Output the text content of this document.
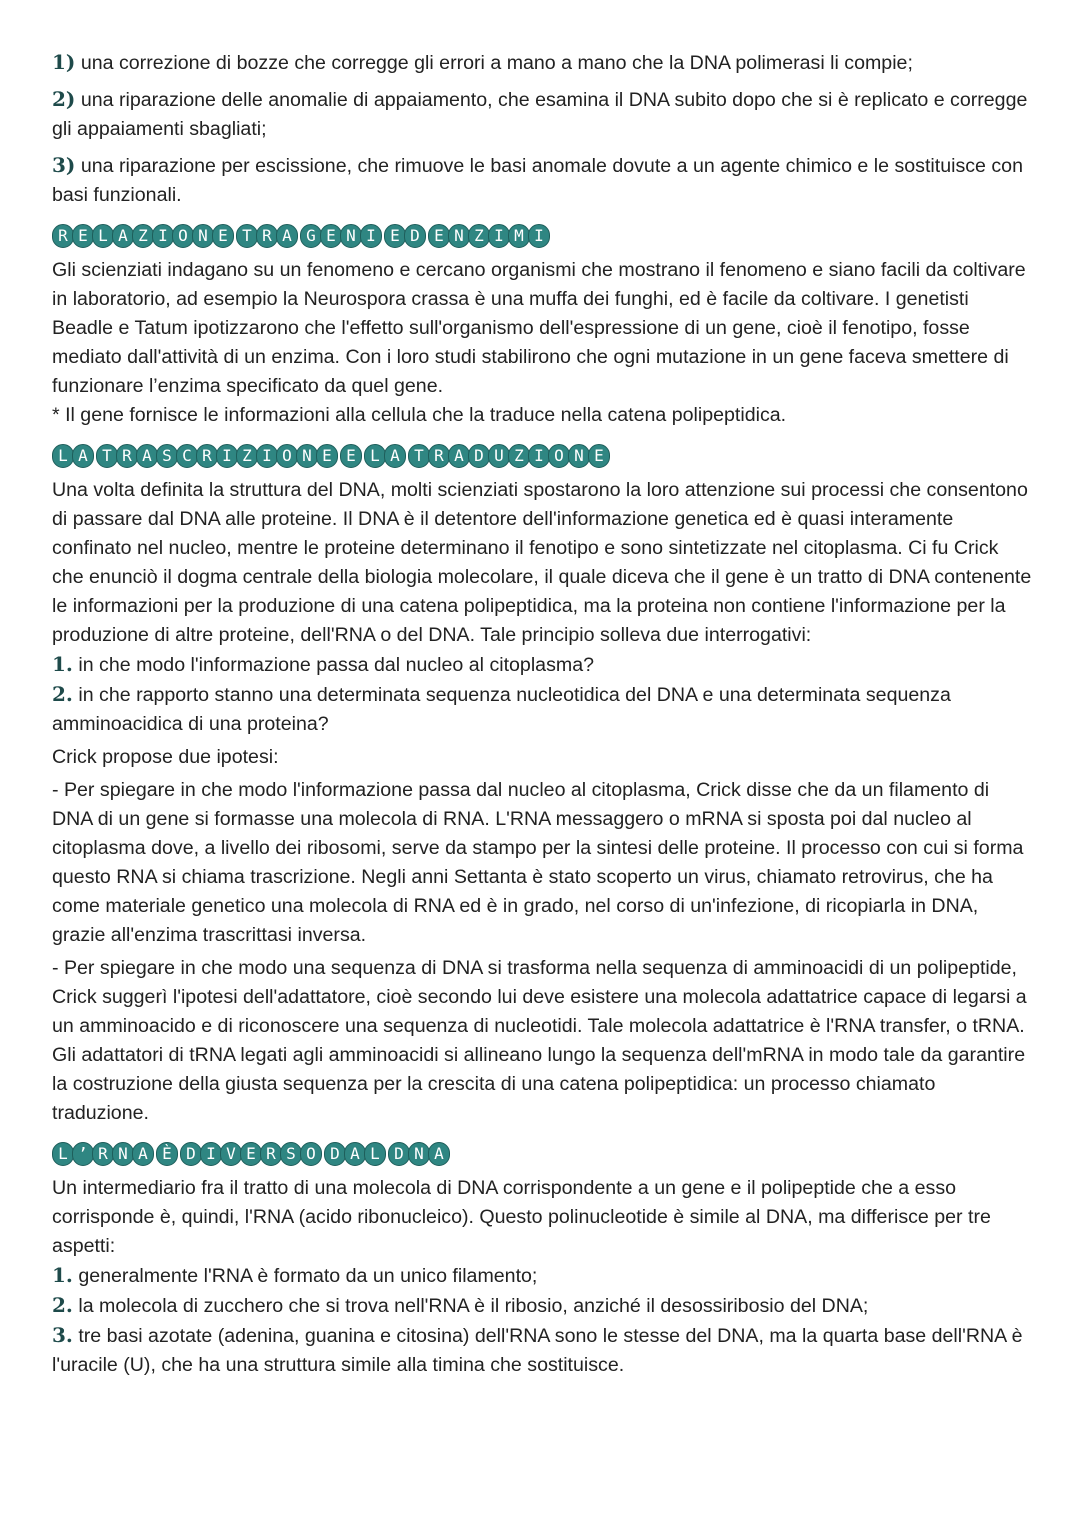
1) una correzione di bozze che corregge gli errori a mano a mano che la DNA polimerasi li compie;

2) una riparazione delle anomalie di appaiamento, che esamina il DNA subito dopo che si è replicato e corregge gli appaiamenti sbagliati;

3) una riparazione per escissione, che rimuove le basi anomale dovute a un agente chimico e le sostituisce con basi funzionali.

R E L A Z I O N E T R A G E N I E D E N Z I M I

Gli scienziati indagano su un fenomeno e cercano organismi che mostrano il fenomeno e siano facili da coltivare in laboratorio, ad esempio la Neurospora crassa è una muffa dei funghi, ed è facile da coltivare. I genetisti Beadle e Tatum ipotizzarono che l'effetto sull'organismo dell'espressione di un gene, cioè il fenotipo, fosse mediato dall'attività di un enzima. Con i loro studi stabilirono che ogni mutazione in un gene faceva smettere di funzionare l’enzima specificato da quel gene.

* Il gene fornisce le informazioni alla cellula che la traduce nella catena polipeptidica.

L A T R A S C R I Z I O N E E L A T R A D U Z I O N E

Una volta definita la struttura del DNA, molti scienziati spostarono la loro attenzione sui processi che consentono di passare dal DNA alle proteine. Il DNA è il detentore dell'informazione genetica ed è quasi interamente confinato nel nucleo, mentre le proteine determinano il fenotipo e sono sintetizzate nel citoplasma. Ci fu Crick che enunciò il dogma centrale della biologia molecolare, il quale diceva che il gene è un tratto di DNA contenente le informazioni per la produzione di una catena polipeptidica, ma la proteina non contiene l'informazione per la produzione di altre proteine, dell'RNA o del DNA. Tale principio solleva due interrogativi:

1. in che modo l'informazione passa dal nucleo al citoplasma?

2. in che rapporto stanno una determinata sequenza nucleotidica del DNA e una determinata sequenza amminoacidica di una proteina?

Crick propose due ipotesi:

- Per spiegare in che modo l'informazione passa dal nucleo al citoplasma, Crick disse che da un filamento di DNA di un gene si formasse una molecola di RNA. L'RNA messaggero o mRNA si sposta poi dal nucleo al citoplasma dove, a livello dei ribosomi, serve da stampo per la sintesi delle proteine. Il processo con cui si forma questo RNA si chiama trascrizione. Negli anni Settanta è stato scoperto un virus, chiamato retrovirus, che ha come materiale genetico una molecola di RNA ed è in grado, nel corso di un'infezione, di ricopiarla in DNA, grazie all'enzima trascrittasi inversa.

- Per spiegare in che modo una sequenza di DNA si trasforma nella sequenza di amminoacidi di un polipeptide, Crick suggerì l'ipotesi dell'adattatore, cioè secondo lui deve esistere una molecola adattatrice capace di legarsi a un amminoacido e di riconoscere una sequenza di nucleotidi. Tale molecola adattatrice è l'RNA transfer, o tRNA. Gli adattatori di tRNA legati agli amminoacidi si allineano lungo la sequenza dell'mRNA in modo tale da garantire la costruzione della giusta sequenza per la crescita di una catena polipeptidica: un processo chiamato traduzione.

L ’ R N A È D I V E R S O D A L D N A

Un intermediario fra il tratto di una molecola di DNA corrispondente a un gene e il polipeptide che a esso corrisponde è, quindi, l'RNA (acido ribonucleico). Questo polinucleotide è simile al DNA, ma differisce per tre aspetti:

1. generalmente l'RNA è formato da un unico filamento;

2. la molecola di zucchero che si trova nell'RNA è il ribosio, anziché il desossiribosio del DNA;

3. tre basi azotate (adenina, guanina e citosina) dell'RNA sono le stesse del DNA, ma la quarta base dell'RNA è l'uracile (U), che ha una struttura simile alla timina che sostituisce.
